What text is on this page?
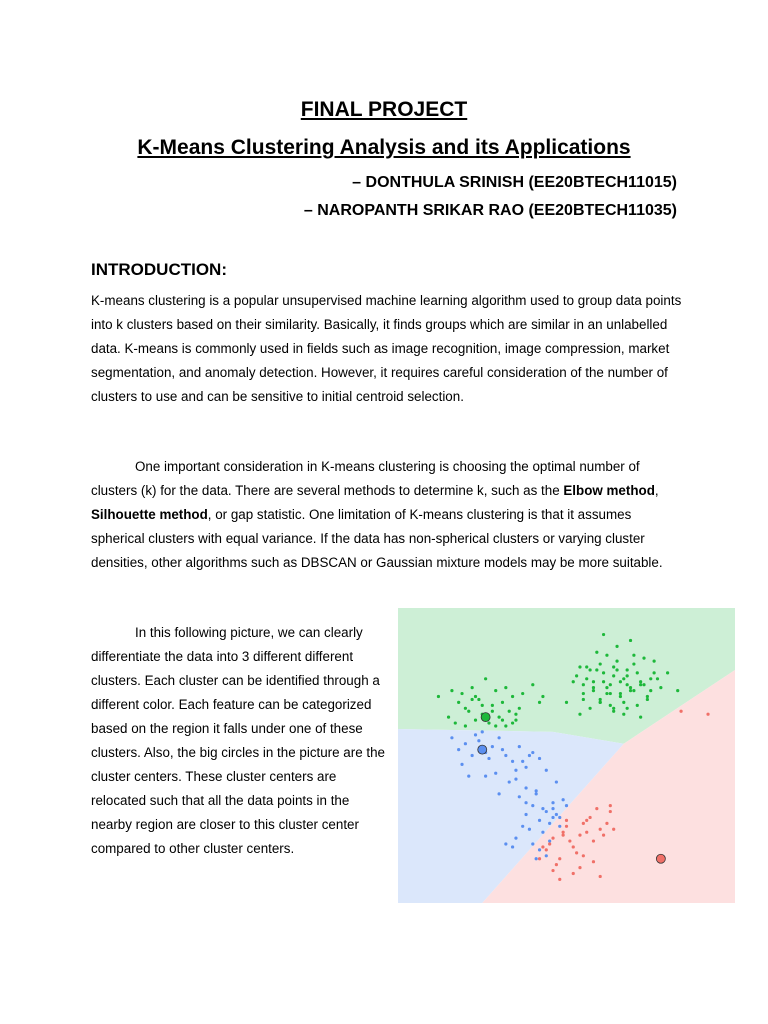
FINAL PROJECT
K-Means Clustering Analysis and its Applications

– DONTHULA SRINISH (EE20BTECH11015)

– NAROPANTH SRIKAR RAO (EE20BTECH11035)

INTRODUCTION:

K-means clustering is a popular unsupervised machine learning algorithm used to group data points into k clusters based on their similarity. Basically, it finds groups which are similar in an unlabelled data. K-means is commonly used in fields such as image recognition, image compression, market segmentation, and anomaly detection. However, it requires careful consideration of the number of clusters to use and can be sensitive to initial centroid selection.

One important consideration in K-means clustering is choosing the optimal number of clusters (k) for the data. There are several methods to determine k, such as the Elbow method, Silhouette method, or gap statistic. One limitation of K-means clustering is that it assumes spherical clusters with equal variance. If the data has non-spherical clusters or varying cluster densities, other algorithms such as DBSCAN or Gaussian mixture models may be more suitable.

In this following picture, we can clearly differentiate the data into 3 different different clusters. Each cluster can be identified through a different color. Each feature can be categorized based on the region it falls under one of these clusters. Also, the big circles in the picture are the cluster centers. These cluster centers are relocated such that all the data points in the nearby region are closer to this cluster center compared to other cluster centers.
